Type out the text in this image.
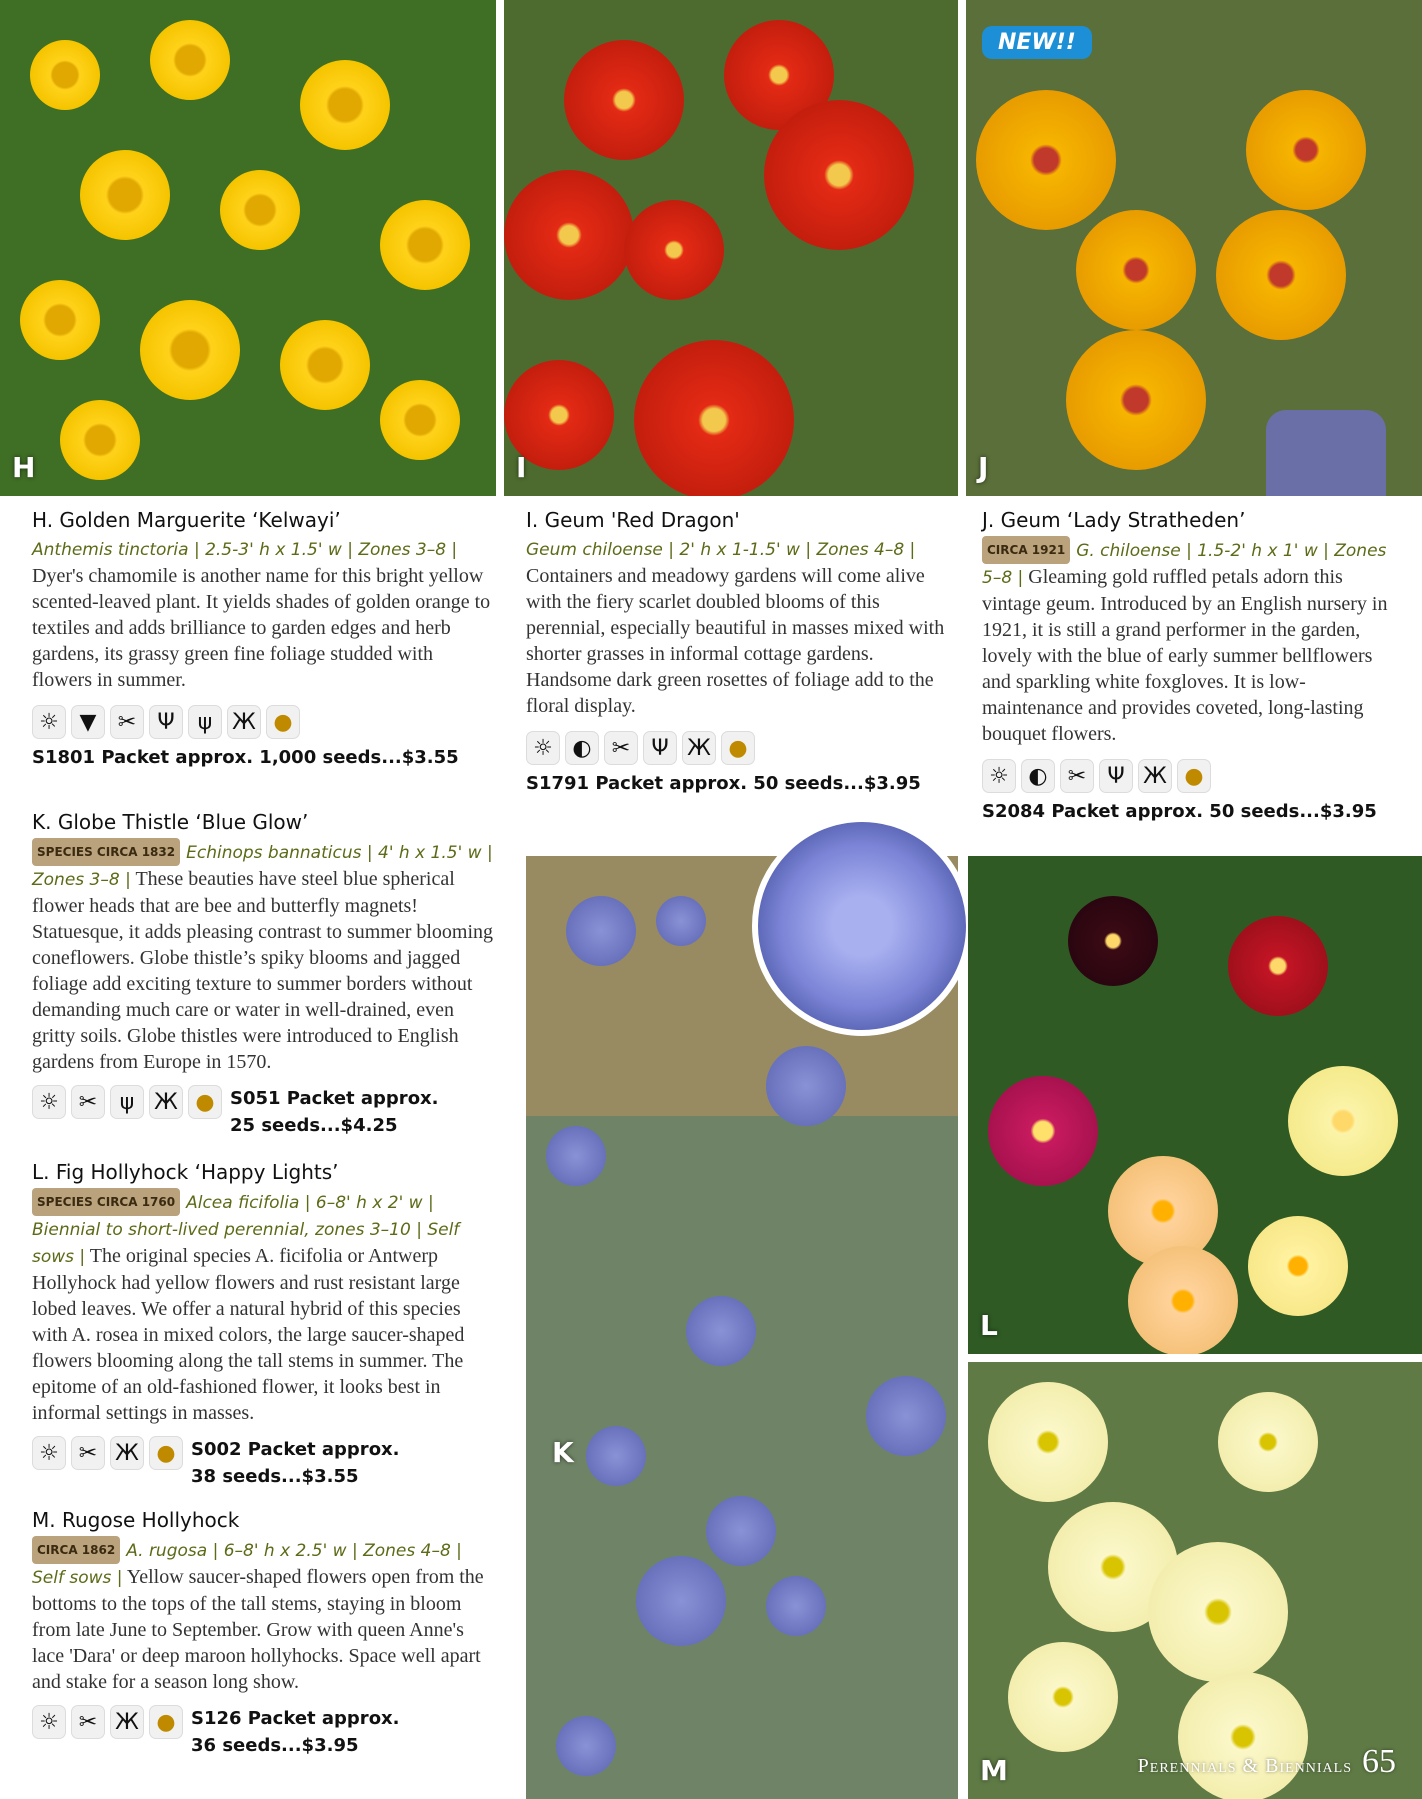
H	I
NEW!!
J
K
L
M	Perennials & Biennials 65
H. Golden Marguerite ‘Kelwayi’

Anthemis tinctoria | 2.5-3' h x 1.5' w | Zones 3–8 | Dyer's chamomile is another name for this bright yellow scented-leaved plant. It yields shades of golden orange to textiles and adds brilliance to garden edges and herb gardens, its grassy green fine foliage studded with flowers in summer.

☼ ▼ ✂ Ψ	ψ Ж ●
S1801 Packet approx. 1,000 seeds...$3.55
I. Geum 'Red Dragon'

Geum chiloense | 2' h x 1-1.5' w | Zones 4–8 | Containers and meadowy gardens will come alive with the fiery scarlet doubled blooms of this perennial, especially beautiful in masses mixed with shorter grasses in informal cottage gardens. Handsome dark green rosettes of foliage add to the floral display.

☼ ◐ ✂ Ψ Ж ●
S1791 Packet approx. 50 seeds...$3.95
J. Geum ‘Lady Stratheden’

CIRCA 1921 G. chiloense | 1.5-2' h x 1' w | Zones 5–8 | Gleaming gold ruffled petals adorn this vintage geum. Introduced by an English nursery in 1921, it is still a grand performer in the garden, lovely with the blue of early summer bellflowers and sparkling white foxgloves. It is low-maintenance and provides coveted, long-lasting bouquet flowers.

☼ ◐ ✂ Ψ Ж ●
S2084 Packet approx. 50 seeds...$3.95
K. Globe Thistle ‘Blue Glow’

SPECIES CIRCA 1832 Echinops bannaticus | 4' h x 1.5' w | Zones 3–8 | These beauties have steel blue spherical flower heads that are bee and butterfly magnets! Statuesque, it adds pleasing contrast to summer blooming coneflowers. Globe thistle’s spiky blooms and jagged foliage add exciting texture to summer borders without demanding much care or water in well-drained, even gritty soils. Globe thistles were introduced to English gardens from Europe in 1570.

☼ ✂	ψ Ж ● S051 Packet approx.
25 seeds...$4.25
L. Fig Hollyhock ‘Happy Lights’

SPECIES CIRCA 1760 Alcea ficifolia | 6–8' h x 2' w | Biennial to short-lived perennial, zones 3–10 | Self sows | The original species A. ficifolia or Antwerp Hollyhock had yellow flowers and rust resistant large lobed leaves. We offer a natural hybrid of this species with A. rosea in mixed colors, the large saucer-shaped flowers blooming along the tall stems in summer. The epitome of an old-fashioned flower, it looks best in informal settings in masses.

☼ ✂ Ж ● S002 Packet approx.
38 seeds...$3.55
M. Rugose Hollyhock

CIRCA 1862 A. rugosa | 6–8' h x 2.5' w | Zones 4–8 | Self sows | Yellow saucer-shaped flowers open from the bottoms to the tops of the tall stems, staying in bloom from late June to September. Grow with queen Anne's lace 'Dara' or deep maroon hollyhocks. Space well apart and stake for a season long show.

☼ ✂ Ж ● S126 Packet approx.
36 seeds...$3.95
